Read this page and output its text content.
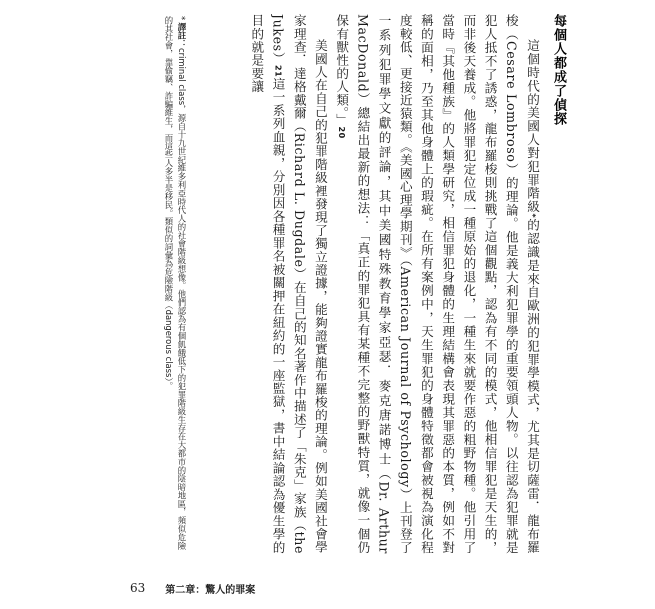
每個人都成了偵探

這個時代的美國人對犯罪階級*的認識是來自歐洲的犯罪學模式，尤其是切薩雷．龍布羅梭（Cesare Lombroso）的理論。他是義大利犯罪學的重要領頭人物。以往認為犯罪就是犯人抵不了誘惑，龍布羅梭則挑戰了這個觀點，認為有不同的模式，他相信罪犯是天生的，而非後天養成。他將罪犯定位成一種原始的退化，一種生來就要作惡的粗野物種。他引用了當時『其他種族』的人類學研究，相信罪犯身體的生理結構會表現其罪惡的本質，例如不對稱的面相，乃至其他身體上的瑕疵。在所有案例中，天生罪犯的身體特徵都會被視為演化程度較低、更接近猿類。《美國心理學期刊》（American Journal of Psychology）上刊登了一系列犯罪學文獻的評論，其中美國特殊教育學家亞瑟．麥克唐諾博士（Dr. Arthur MacDonald）總結出最新的想法：「真正的罪犯具有某種不完整的野獸特質，就像一個仍保有獸性的人類。」20

美國人在自己的犯罪階級裡發現了獨立證據，能夠證實龍布羅梭的理論。例如美國社會學家理查．達格戴爾（Richard L. Dugdale）在自己的知名著作中描述了「朱克」家族（the Jukes）21這一系列血親，分別因各種罪名被關押在紐約的一座監獄，書中結論認為優生學的目的就是要讓

* 譯註：criminal class，源自十九世紀維多利亞時代人的社會階級想像。他們認為有個飢餓低下的犯罪階級生存在大都市的陰暗地區，頻似危險的其社會，靠偷竊、詐騙維生，而這些人多半是移民。類似的詞彙為危險階級（dangerous class）。
63 第二章：驚人的罪案
